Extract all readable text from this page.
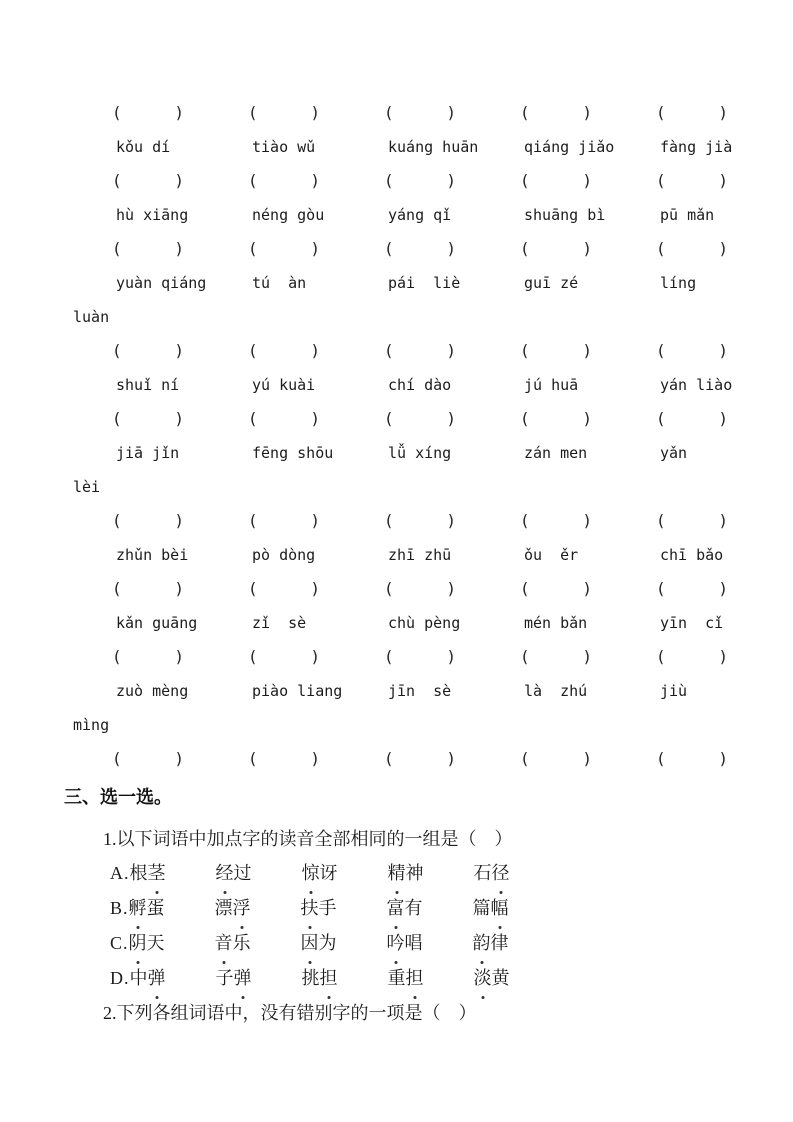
(	)	(	)	(	)	(	)	(	)
kǒu dí	tiào wǔ	kuáng huān	qiáng jiǎo	fàng jià
(	)	(	)	(	)	(	)	(	)
hù xiāng	néng gòu	yáng qǐ	shuāng bì	pū mǎn
(	)	(	)	(	)	(	)	(	)
yuàn qiáng	tú  àn	pái  liè	guī zé	líng
luàn
(	)	(	)	(	)	(	)	(	)
shuǐ ní	yú kuài	chí dào	jú huā	yán liào
(	)	(	)	(	)	(	)	(	)
jiā jǐn	fēng shōu	lǚ xíng	zán men	yǎn
lèi
(	)	(	)	(	)	(	)	(	)
zhǔn bèi	pò dòng	zhī zhū	ǒu  ěr	chī bǎo
(	)	(	)	(	)	(	)	(	)
kǎn guāng	zǐ  sè	chù pèng	mén bǎn	yīn  cǐ
(	)	(	)	(	)	(	)	(	)
zuò mèng	piào liang	jīn  sè	là  zhú	jiù
mìng
(	)	(	)	(	)	(	)	(	)
三、选一选。

1.以下词语中加点字的读音全部相同的一组是（　）

A.根茎	经过	惊讶	精神	石径
B.孵蛋	漂浮	扶手	富有	篇幅
C.阴天	音乐	因为	吟唱	韵律
D.中弹	子弹	挑担	重担	淡黄

2.下列各组词语中，没有错别字的一项是（　）
